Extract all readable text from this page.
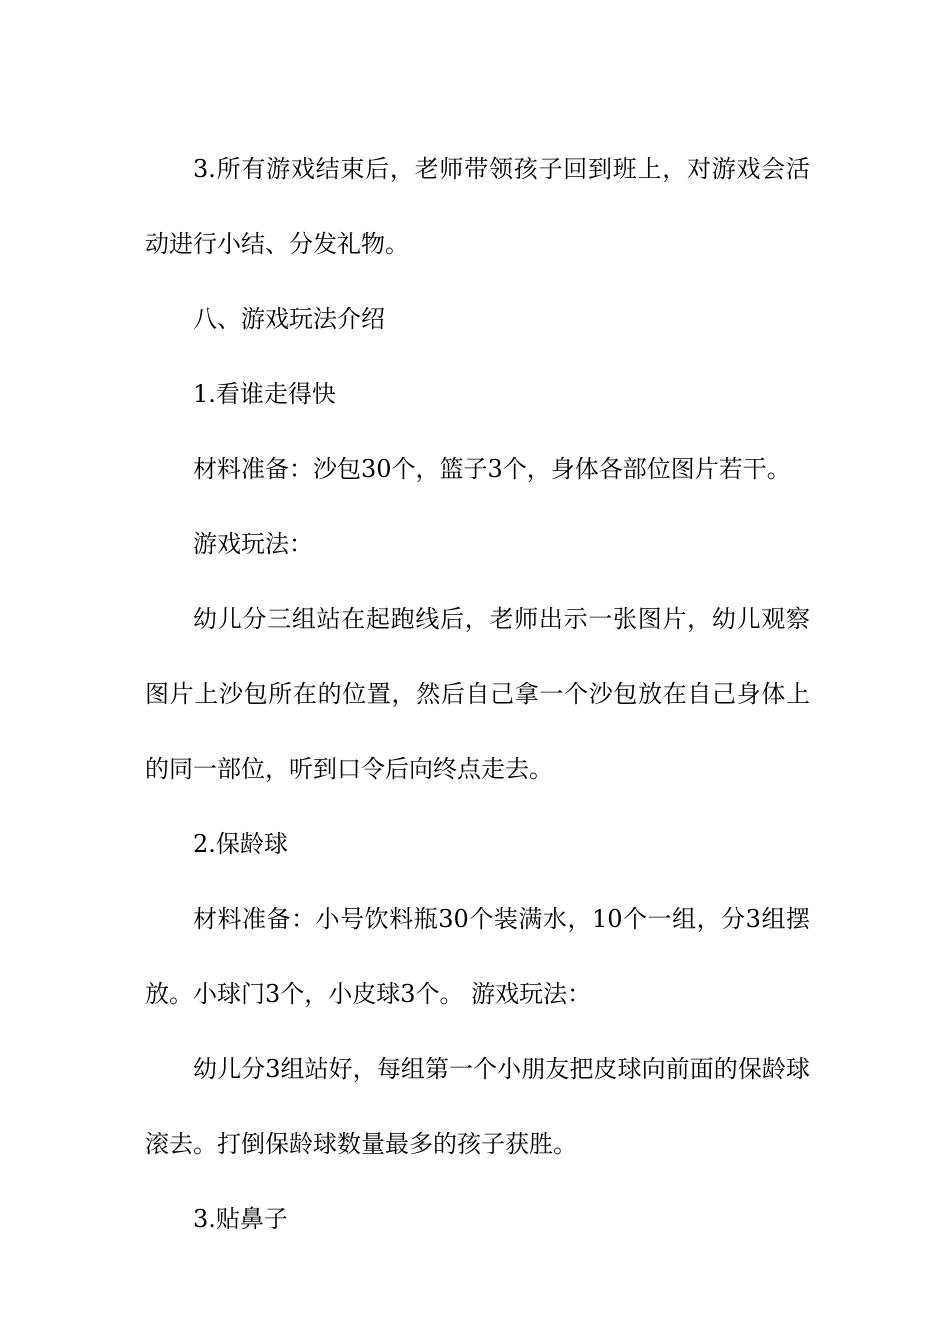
3.所有游戏结束后，老师带领孩子回到班上，对游戏会活动进行小结、分发礼物。

八、游戏玩法介绍

1.看谁走得快

材料准备：沙包30个，篮子3个，身体各部位图片若干。

游戏玩法：

幼儿分三组站在起跑线后，老师出示一张图片，幼儿观察图片上沙包所在的位置，然后自己拿一个沙包放在自己身体上的同一部位，听到口令后向终点走去。

2.保龄球

材料准备：小号饮料瓶30个装满水，10个一组，分3组摆放。小球门3个，小皮球3个。 游戏玩法：

幼儿分3组站好，每组第一个小朋友把皮球向前面的保龄球滚去。打倒保龄球数量最多的孩子获胜。

3.贴鼻子
